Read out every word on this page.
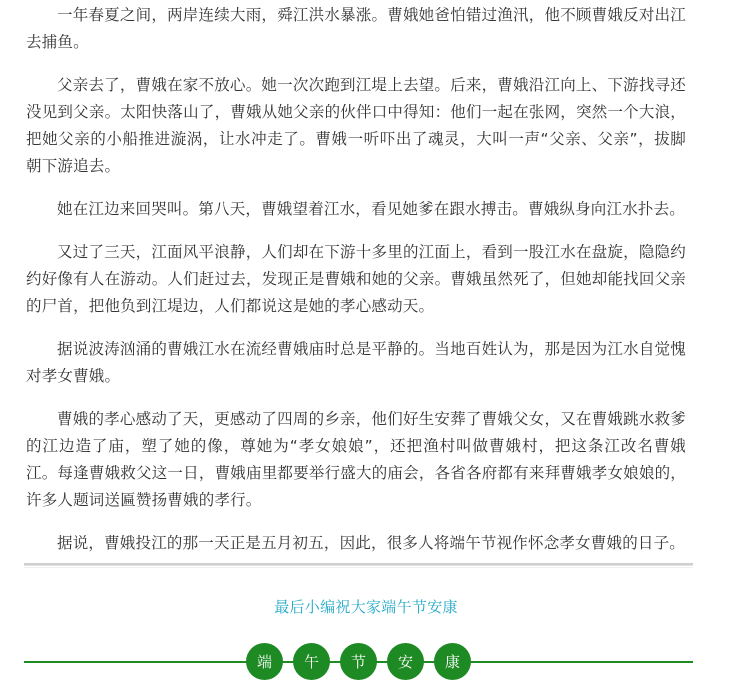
一年春夏之间，两岸连续大雨，舜江洪水暴涨。曹娥她爸怕错过渔汛，他不顾曹娥反对出江去捕鱼。

父亲去了，曹娥在家不放心。她一次次跑到江堤上去望。后来，曹娥沿江向上、下游找寻还没见到父亲。太阳快落山了，曹娥从她父亲的伙伴口中得知：他们一起在张网，突然一个大浪，把她父亲的小船推进漩涡，让水冲走了。曹娥一听吓出了魂灵，大叫一声“父亲、父亲”，拔脚朝下游追去。

她在江边来回哭叫。第八天，曹娥望着江水，看见她爹在跟水搏击。曹娥纵身向江水扑去。

又过了三天，江面风平浪静，人们却在下游十多里的江面上，看到一股江水在盘旋，隐隐约约好像有人在游动。人们赶过去，发现正是曹娥和她的父亲。曹娥虽然死了，但她却能找回父亲的尸首，把他负到江堤边，人们都说这是她的孝心感动天。

据说波涛汹涌的曹娥江水在流经曹娥庙时总是平静的。当地百姓认为，那是因为江水自觉愧对孝女曹娥。

曹娥的孝心感动了天，更感动了四周的乡亲，他们好生安葬了曹娥父女，又在曹娥跳水救爹的江边造了庙，塑了她的像，尊她为“孝女娘娘”，还把渔村叫做曹娥村，把这条江改名曹娥江。每逢曹娥救父这一日，曹娥庙里都要举行盛大的庙会，各省各府都有来拜曹娥孝女娘娘的，许多人题词送匾赞扬曹娥的孝行。

据说，曹娥投江的那一天正是五月初五，因此，很多人将端午节视作怀念孝女曹娥的日子。

最后小编祝大家端午节安康
端	午	节	安	康
